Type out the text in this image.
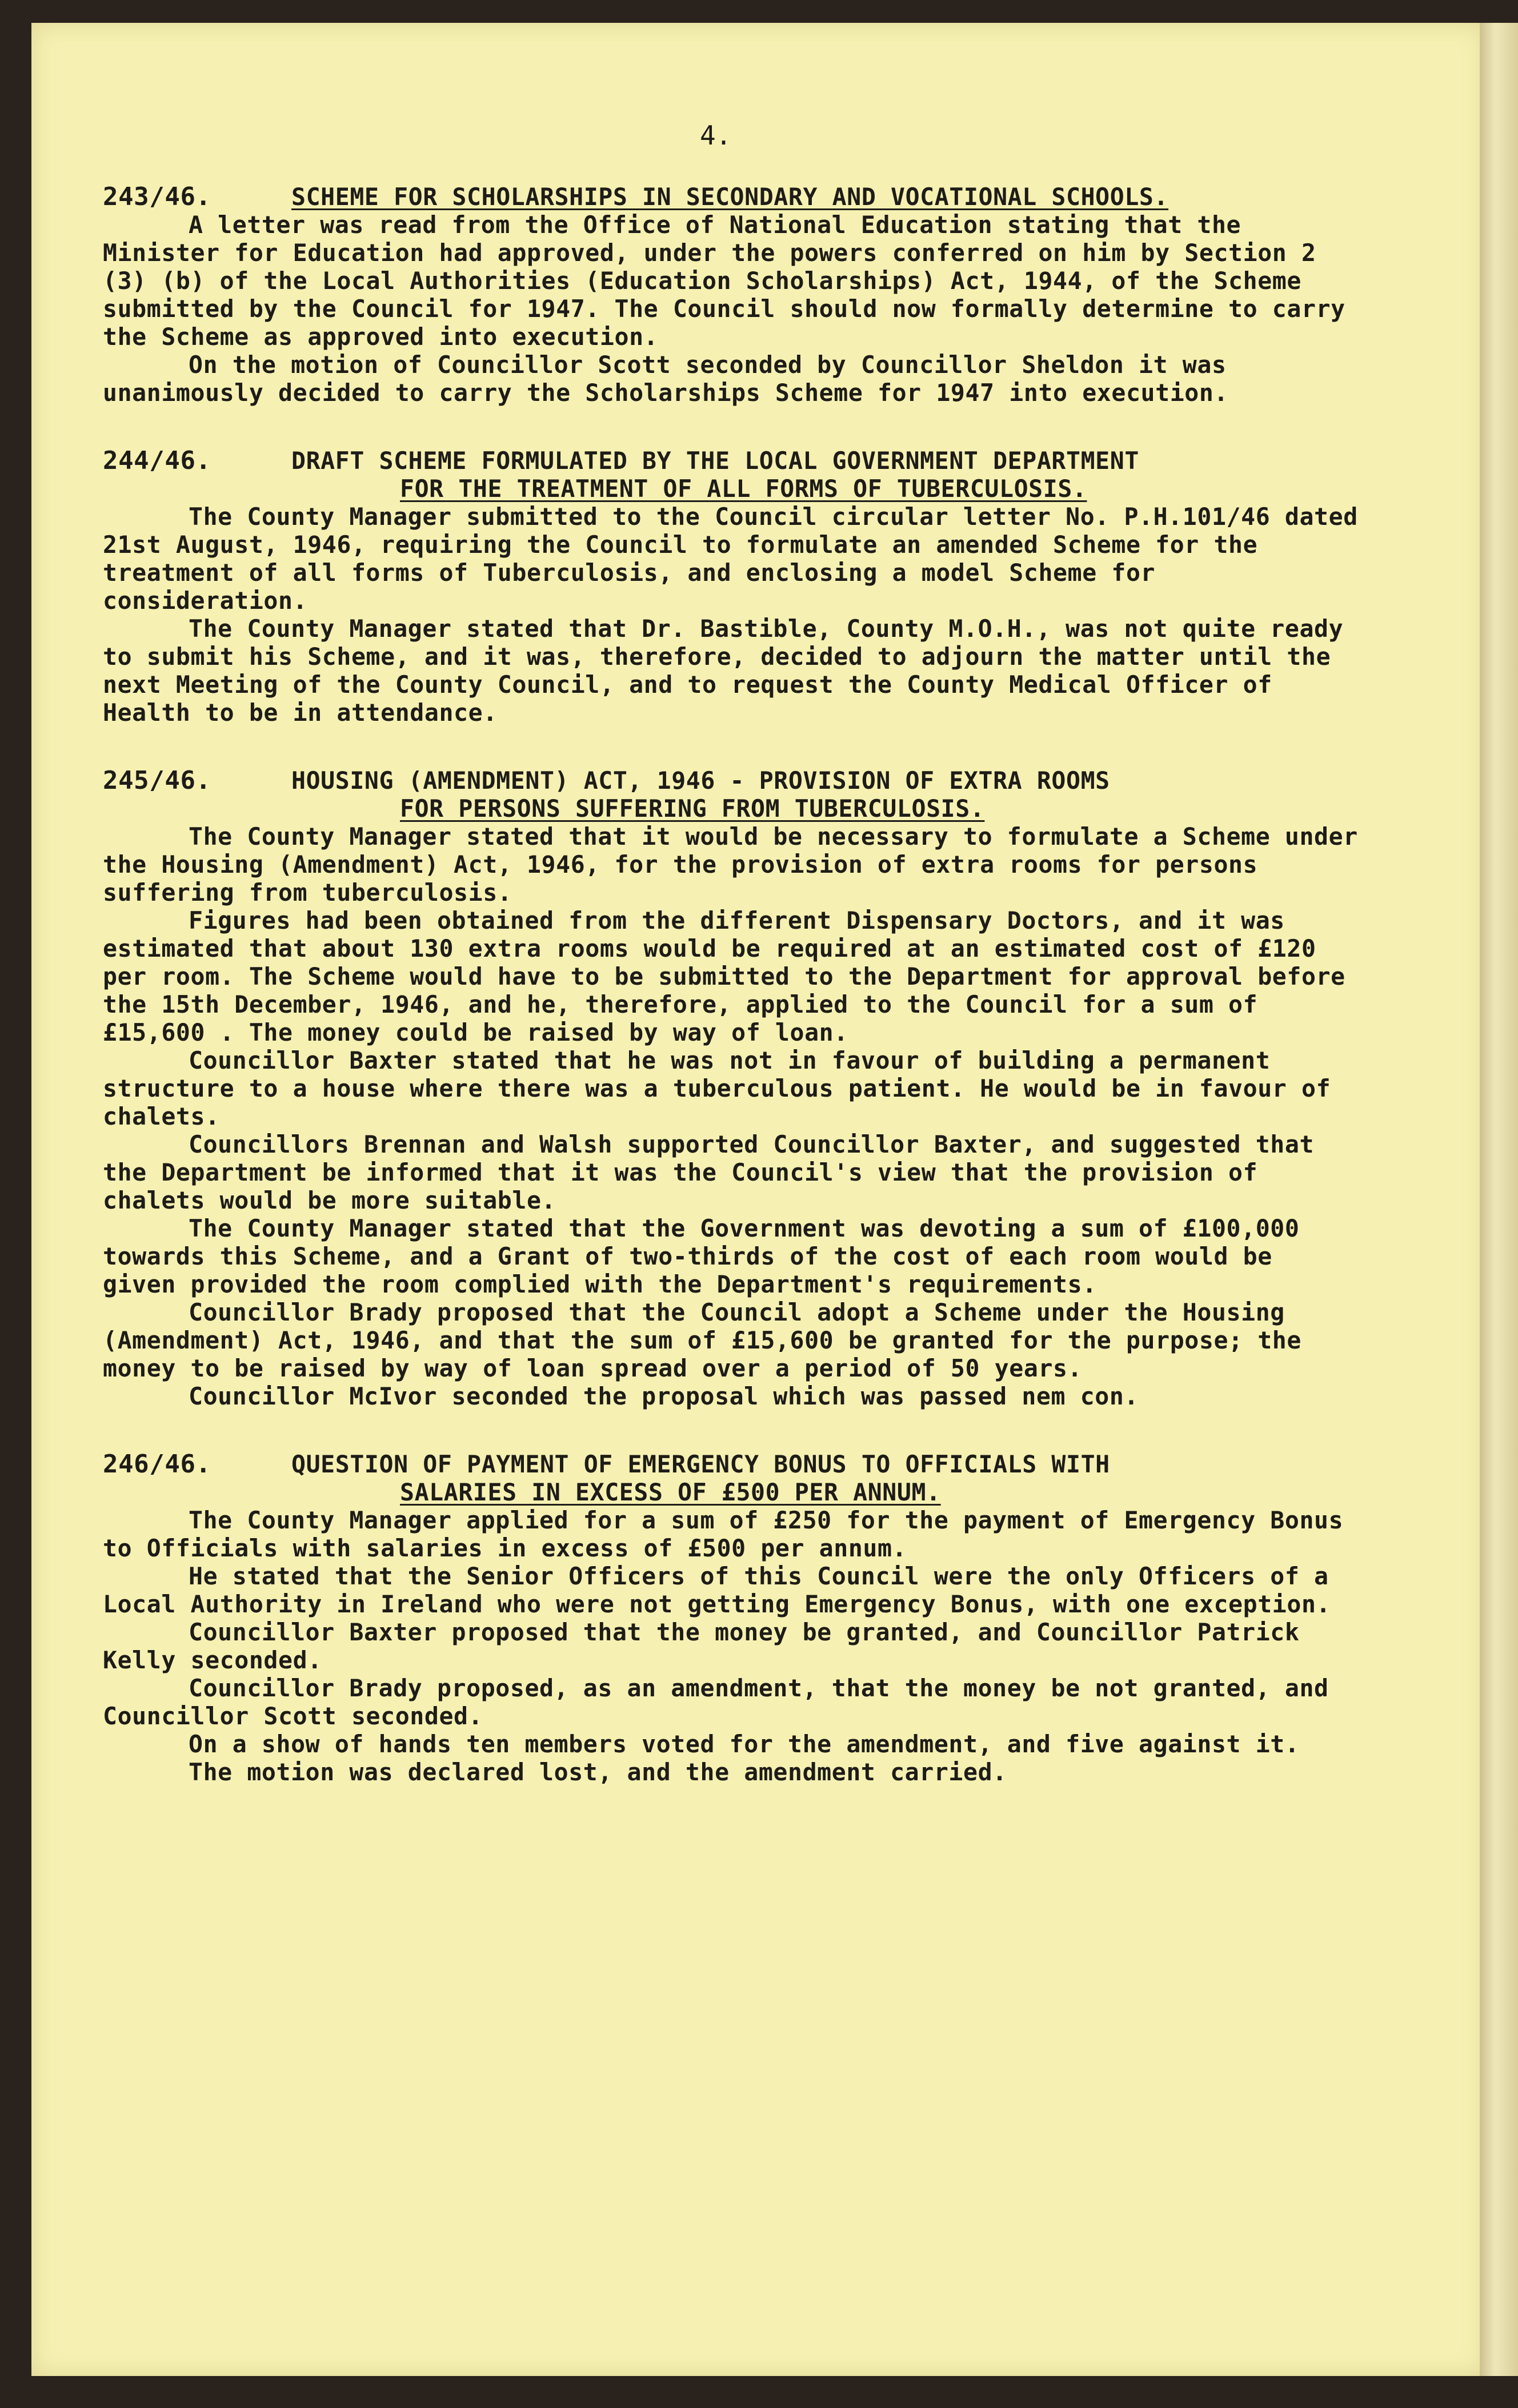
4.
243/46.	SCHEME FOR SCHOLARSHIPS IN SECONDARY AND VOCATIONAL SCHOOLS.

A letter was read from the Office of National Education stating that the Minister for Education had approved, under the powers conferred on him by Section 2 (3) (b) of the Local Authorities (Education Scholarships) Act, 1944, of the Scheme submitted by the Council for 1947. The Council should now formally determine to carry the Scheme as approved into execution.

On the motion of Councillor Scott seconded by Councillor Sheldon it was unanimously decided to carry the Scholarships Scheme for 1947 into execution.

244/46.	DRAFT SCHEME FORMULATED BY THE LOCAL GOVERNMENT DEPARTMENT
FOR THE TREATMENT OF ALL FORMS OF TUBERCULOSIS.

The County Manager submitted to the Council circular letter No. P.H.101/46 dated 21st August, 1946, requiring the Council to formulate an amended Scheme for the treatment of all forms of Tuberculosis, and enclosing a model Scheme for consideration.

The County Manager stated that Dr. Bastible, County M.O.H., was not quite ready to submit his Scheme, and it was, therefore, decided to adjourn the matter until the next Meeting of the County Council, and to request the County Medical Officer of Health to be in attendance.

245/46.	HOUSING (AMENDMENT) ACT, 1946 - PROVISION OF EXTRA ROOMS
FOR PERSONS SUFFERING FROM TUBERCULOSIS.

The County Manager stated that it would be necessary to formulate a Scheme under the Housing (Amendment) Act, 1946, for the provision of extra rooms for persons suffering from tuberculosis.

Figures had been obtained from the different Dispensary Doctors, and it was estimated that about 130 extra rooms would be required at an estimated cost of £120 per room. The Scheme would have to be submitted to the Department for approval before the 15th December, 1946, and he, therefore, applied to the Council for a sum of £15,600 . The money could be raised by way of loan.

Councillor Baxter stated that he was not in favour of building a permanent structure to a house where there was a tuberculous patient. He would be in favour of chalets.

Councillors Brennan and Walsh supported Councillor Baxter, and suggested that the Department be informed that it was the Council's view that the provision of chalets would be more suitable.

The County Manager stated that the Government was devoting a sum of £100,000 towards this Scheme, and a Grant of two-thirds of the cost of each room would be given provided the room complied with the Department's requirements.

Councillor Brady proposed that the Council adopt a Scheme under the Housing (Amendment) Act, 1946, and that the sum of £15,600 be granted for the purpose; the money to be raised by way of loan spread over a period of 50 years.

Councillor McIvor seconded the proposal which was passed nem con.

246/46.	QUESTION OF PAYMENT OF EMERGENCY BONUS TO OFFICIALS WITH
SALARIES IN EXCESS OF £500 PER ANNUM.

The County Manager applied for a sum of £250 for the payment of Emergency Bonus to Officials with salaries in excess of £500 per annum.

He stated that the Senior Officers of this Council were the only Officers of a Local Authority in Ireland who were not getting Emergency Bonus, with one exception.

Councillor Baxter proposed that the money be granted, and Councillor Patrick Kelly seconded.

Councillor Brady proposed, as an amendment, that the money be not granted, and Councillor Scott seconded.

On a show of hands ten members voted for the amendment, and five against it.

The motion was declared lost, and the amendment carried.
